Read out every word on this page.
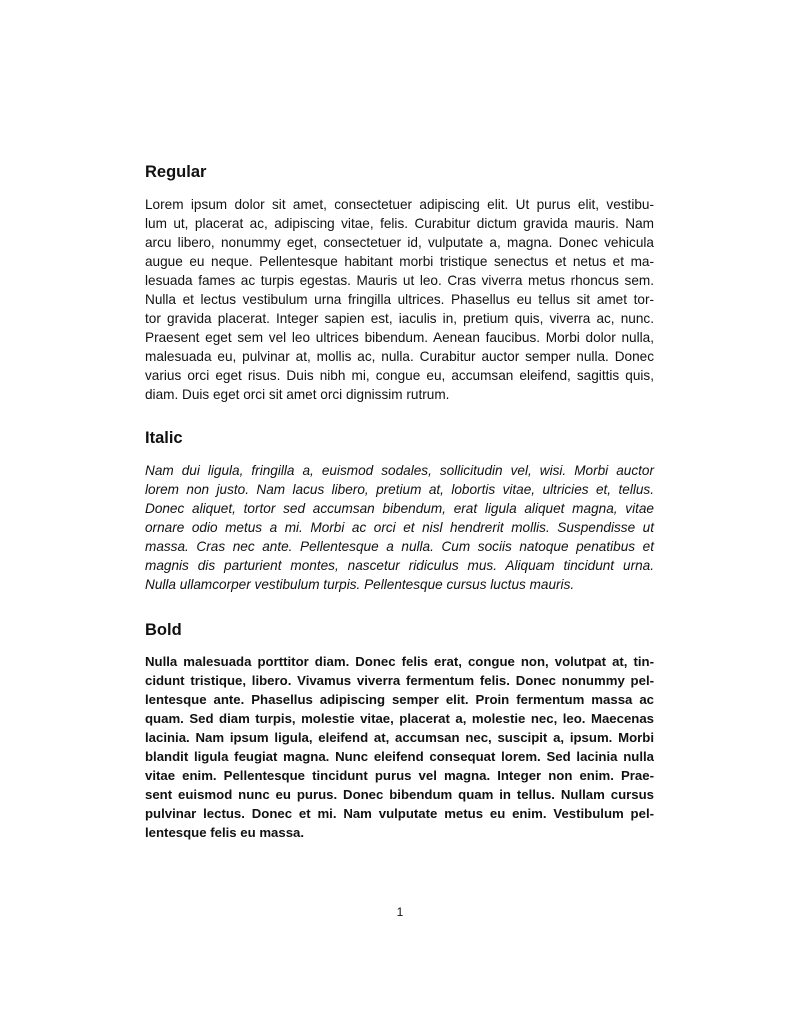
Regular
Lorem ipsum dolor sit amet, consectetuer adipiscing elit. Ut purus elit, vestibu-
lum ut, placerat ac, adipiscing vitae, felis. Curabitur dictum gravida mauris. Nam
arcu libero, nonummy eget, consectetuer id, vulputate a, magna. Donec vehicula
augue eu neque. Pellentesque habitant morbi tristique senectus et netus et ma-
lesuada fames ac turpis egestas. Mauris ut leo. Cras viverra metus rhoncus sem.
Nulla et lectus vestibulum urna fringilla ultrices. Phasellus eu tellus sit amet tor-
tor gravida placerat. Integer sapien est, iaculis in, pretium quis, viverra ac, nunc.
Praesent eget sem vel leo ultrices bibendum. Aenean faucibus. Morbi dolor nulla,
malesuada eu, pulvinar at, mollis ac, nulla. Curabitur auctor semper nulla. Donec
varius orci eget risus. Duis nibh mi, congue eu, accumsan eleifend, sagittis quis,
diam. Duis eget orci sit amet orci dignissim rutrum.
Italic
Nam dui ligula, fringilla a, euismod sodales, sollicitudin vel, wisi. Morbi auctor
lorem non justo. Nam lacus libero, pretium at, lobortis vitae, ultricies et, tellus.
Donec aliquet, tortor sed accumsan bibendum, erat ligula aliquet magna, vitae
ornare odio metus a mi. Morbi ac orci et nisl hendrerit mollis. Suspendisse ut
massa. Cras nec ante. Pellentesque a nulla. Cum sociis natoque penatibus et
magnis dis parturient montes, nascetur ridiculus mus. Aliquam tincidunt urna.
Nulla ullamcorper vestibulum turpis. Pellentesque cursus luctus mauris.
Bold
Nulla malesuada porttitor diam. Donec felis erat, congue non, volutpat at, tin-
cidunt tristique, libero. Vivamus viverra fermentum felis. Donec nonummy pel-
lentesque ante. Phasellus adipiscing semper elit. Proin fermentum massa ac
quam. Sed diam turpis, molestie vitae, placerat a, molestie nec, leo. Maecenas
lacinia. Nam ipsum ligula, eleifend at, accumsan nec, suscipit a, ipsum. Morbi
blandit ligula feugiat magna. Nunc eleifend consequat lorem. Sed lacinia nulla
vitae enim. Pellentesque tincidunt purus vel magna. Integer non enim. Prae-
sent euismod nunc eu purus. Donec bibendum quam in tellus. Nullam cursus
pulvinar lectus. Donec et mi. Nam vulputate metus eu enim. Vestibulum pel-
lentesque felis eu massa.
1
